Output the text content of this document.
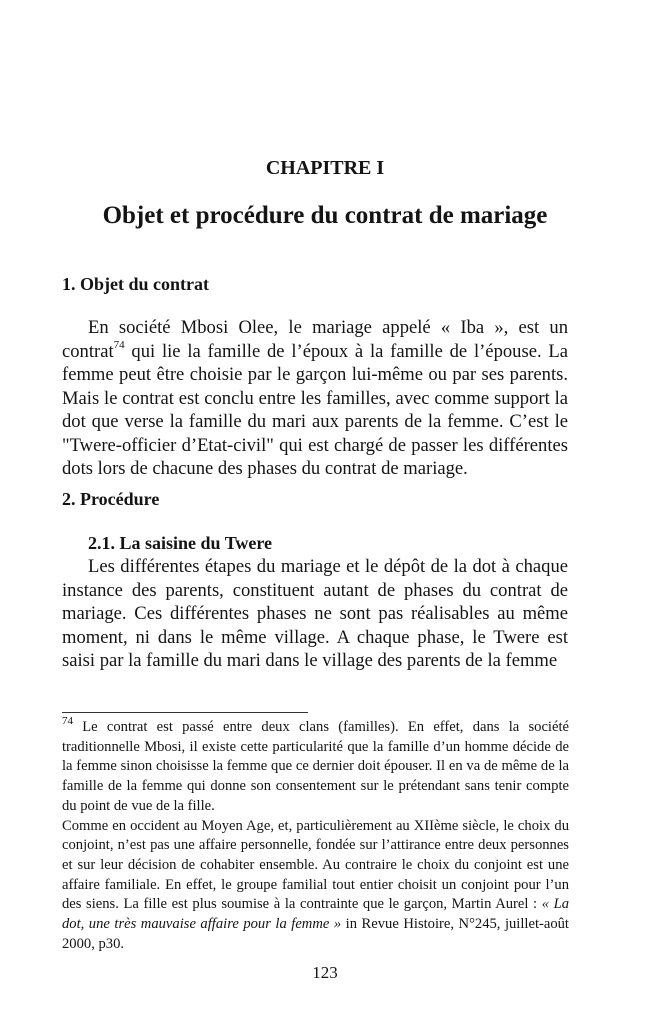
CHAPITRE I
Objet et procédure du contrat de mariage
1. Objet du contrat
En société Mbosi Olee, le mariage appelé « Iba », est un contrat$^{74}$ qui lie la famille de l’époux à la famille de l’épouse. La femme peut être choisie par le garçon lui-même ou par ses parents. Mais le contrat est conclu entre les familles, avec comme support la dot que verse la famille du mari aux parents de la femme. C’est le "Twere-officier d’Etat-civil" qui est chargé de passer les différentes dots lors de chacune des phases du contrat de mariage.
2. Procédure
2.1. La saisine du Twere
Les différentes étapes du mariage et le dépôt de la dot à chaque instance des parents, constituent autant de phases du contrat de mariage. Ces différentes phases ne sont pas réalisables au même moment, ni dans le même village. A chaque phase, le Twere est saisi par la famille du mari dans le village des parents de la femme

$^{74}$ Le contrat est passé entre deux clans (familles). En effet, dans la société traditionnelle Mbosi, il existe cette particularité que la famille d’un homme décide de la femme sinon choisisse la femme que ce dernier doit épouser. Il en va de même de la famille de la femme qui donne son consentement sur le prétendant sans tenir compte du point de vue de la fille.

Comme en occident au Moyen Age, et, particulièrement au XIIème siècle, le choix du conjoint, n’est pas une affaire personnelle, fondée sur l’attirance entre deux personnes et sur leur décision de cohabiter ensemble. Au contraire le choix du conjoint est une affaire familiale. En effet, le groupe familial tout entier choisit un conjoint pour l’un des siens. La fille est plus soumise à la contrainte que le garçon, Martin Aurel : « La dot, une très mauvaise affaire pour la femme » in Revue Histoire, N°245, juillet-août 2000, p30.

123
